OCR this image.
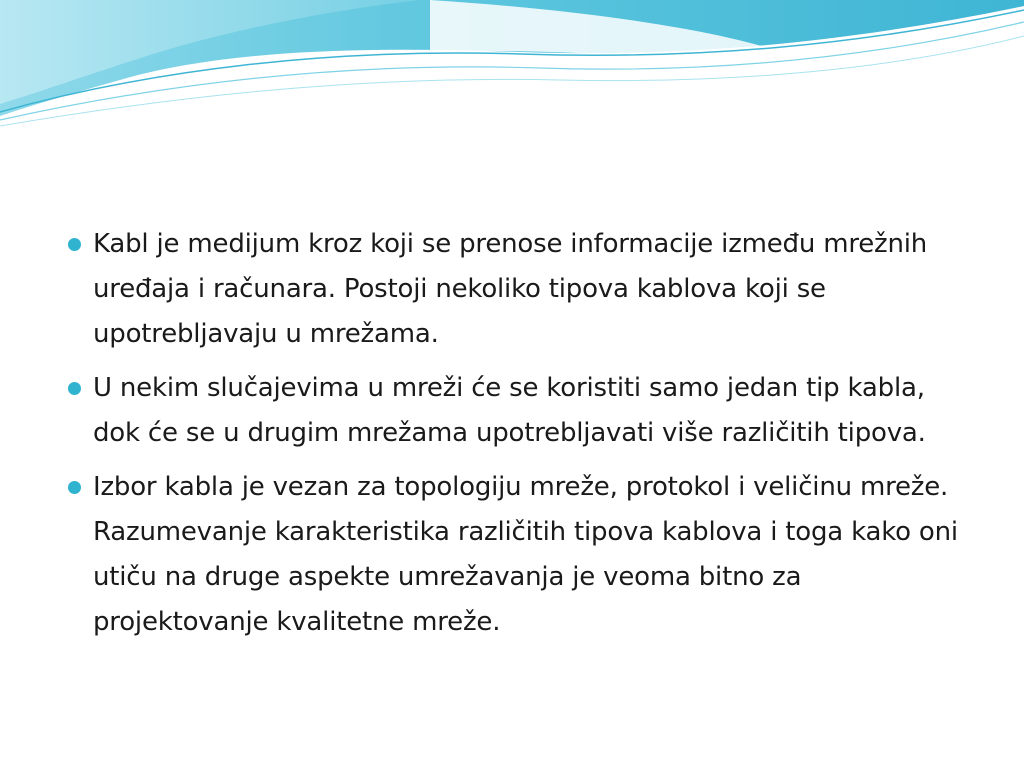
Kabl je medijum kroz koji se prenose informacije između mrežnih uređaja i računara. Postoji nekoliko tipova kablova koji se upotrebljavaju u mrežama.
U nekim slučajevima u mreži će se koristiti samo jedan tip kabla, dok će se u drugim mrežama upotrebljavati više različitih tipova.
Izbor kabla je vezan za topologiju mreže, protokol i veličinu mreže. Razumevanje karakteristika različitih tipova kablova i toga kako oni utiču na druge aspekte umrežavanja je veoma bitno za projektovanje kvalitetne mreže.
